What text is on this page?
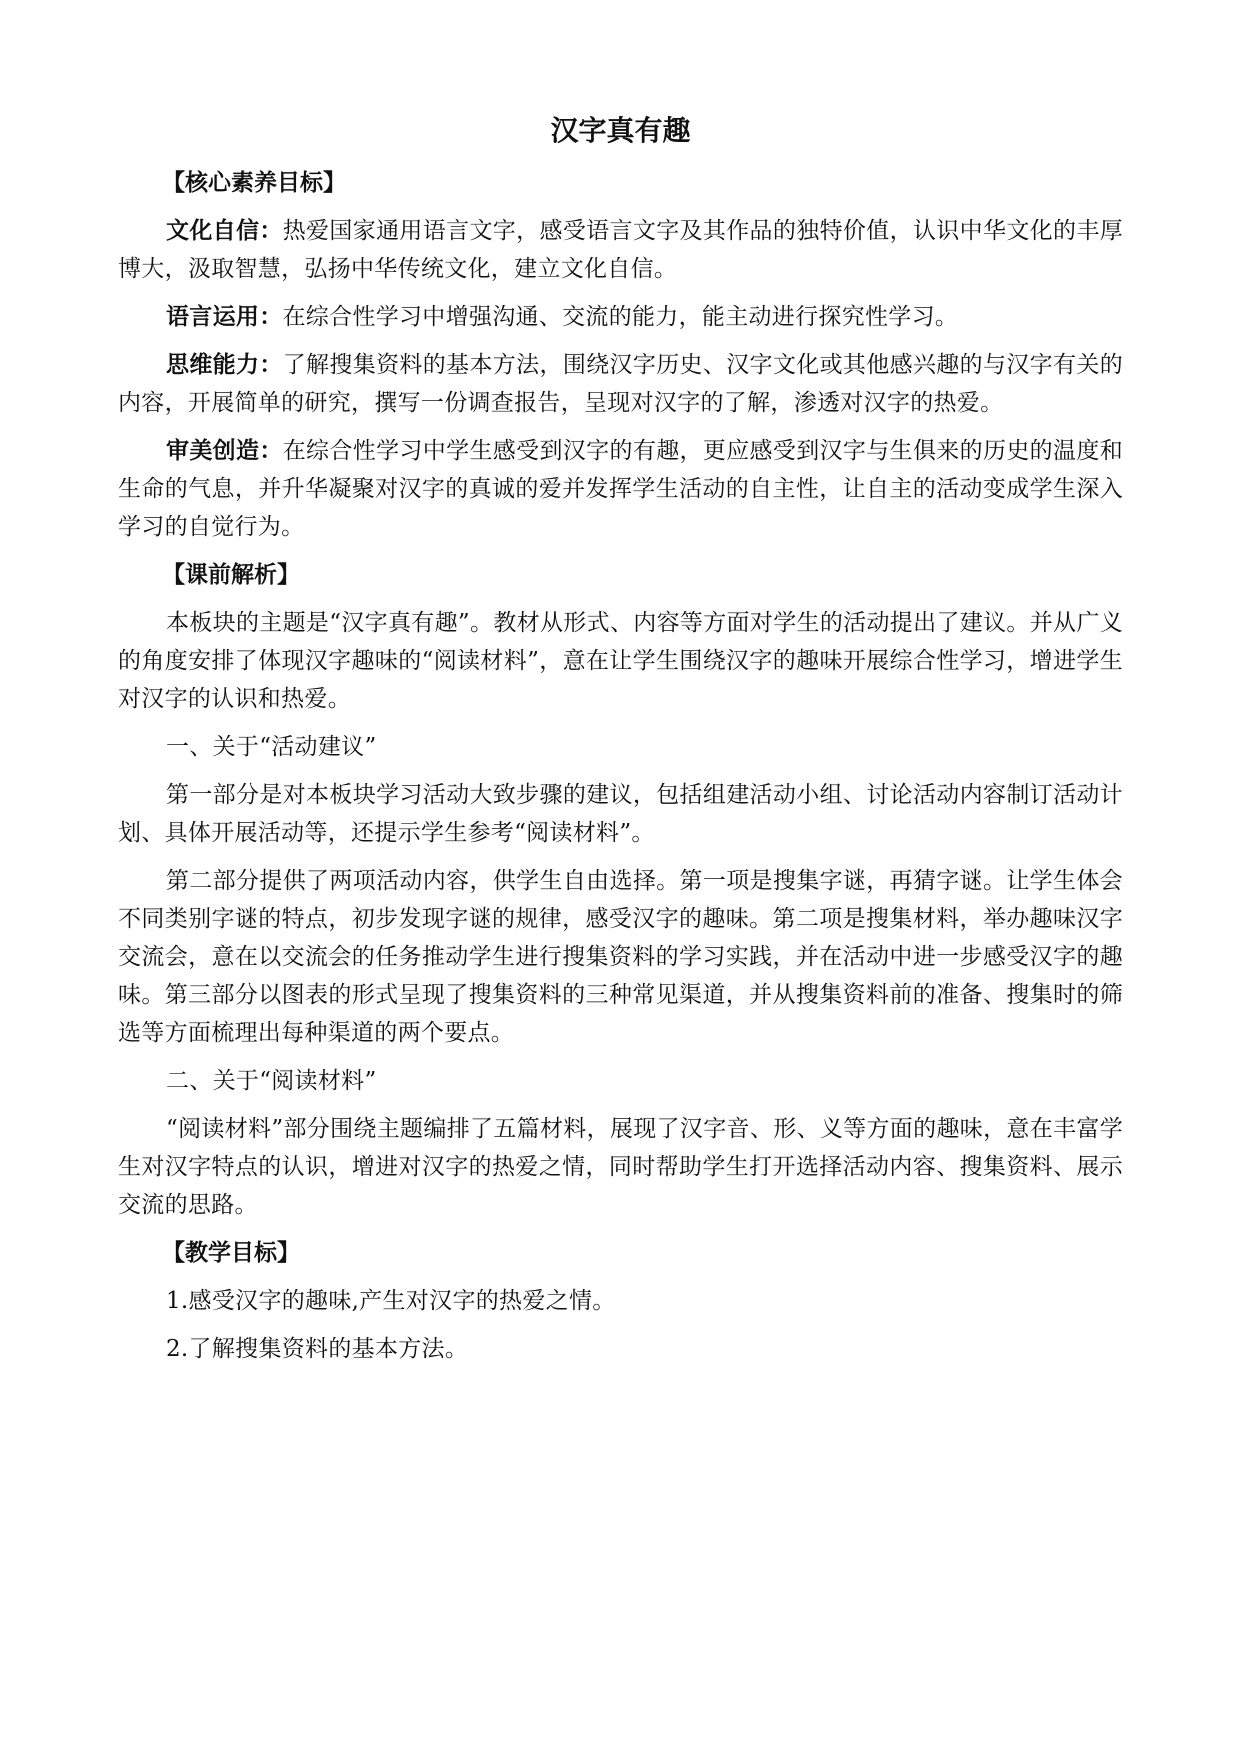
汉字真有趣
【核心素养目标】

文化自信：热爱国家通用语言文字，感受语言文字及其作品的独特价值，认识中华文化的丰厚博大，汲取智慧，弘扬中华传统文化，建立文化自信。

语言运用：在综合性学习中增强沟通、交流的能力，能主动进行探究性学习。

思维能力：了解搜集资料的基本方法，围绕汉字历史、汉字文化或其他感兴趣的与汉字有关的内容，开展简单的研究，撰写一份调查报告，呈现对汉字的了解，渗透对汉字的热爱。

审美创造：在综合性学习中学生感受到汉字的有趣，更应感受到汉字与生俱来的历史的温度和生命的气息，并升华凝聚对汉字的真诚的爱并发挥学生活动的自主性，让自主的活动变成学生深入学习的自觉行为。

【课前解析】

本板块的主题是“汉字真有趣”。教材从形式、内容等方面对学生的活动提出了建议。并从广义的角度安排了体现汉字趣味的“阅读材料”，意在让学生围绕汉字的趣味开展综合性学习，增进学生对汉字的认识和热爱。

一、关于“活动建议”

第一部分是对本板块学习活动大致步骤的建议，包括组建活动小组、讨论活动内容制订活动计划、具体开展活动等，还提示学生参考“阅读材料”。

第二部分提供了两项活动内容，供学生自由选择。第一项是搜集字谜，再猜字谜。让学生体会不同类别字谜的特点，初步发现字谜的规律，感受汉字的趣味。第二项是搜集材料，举办趣味汉字交流会，意在以交流会的任务推动学生进行搜集资料的学习实践，并在活动中进一步感受汉字的趣味。第三部分以图表的形式呈现了搜集资料的三种常见渠道，并从搜集资料前的准备、搜集时的筛选等方面梳理出每种渠道的两个要点。

二、关于“阅读材料”

“阅读材料”部分围绕主题编排了五篇材料，展现了汉字音、形、义等方面的趣味，意在丰富学生对汉字特点的认识，增进对汉字的热爱之情，同时帮助学生打开选择活动内容、搜集资料、展示交流的思路。

【教学目标】

1.感受汉字的趣味,产生对汉字的热爱之情。

2.了解搜集资料的基本方法。
